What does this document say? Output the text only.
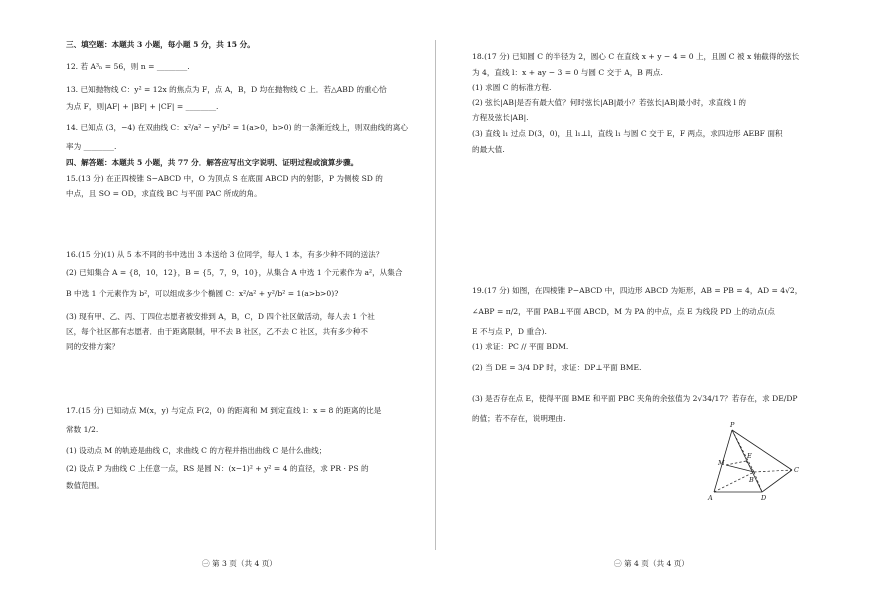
三、填空题：本题共 3 小题，每小题 5 分，共 15 分。
12. 若 A³ₙ = 56，则 n = ________.
13. 已知抛物线 C：y² = 12x 的焦点为 F，点 A，B，D 均在抛物线 C 上．若△ABD 的重心恰
为点 F，则|AF| + |BF| + |CF| = ________.
14. 已知点 (3，−4) 在双曲线 C：x²/a² − y²/b² = 1(a>0，b>0) 的一条渐近线上，则双曲线的离心
率为 ________.
四、解答题：本题共 5 小题，共 77 分．解答应写出文字说明、证明过程或演算步骤。
15.(13 分) 在正四棱锥 S−ABCD 中，O 为顶点 S 在底面 ABCD 内的射影，P 为侧棱 SD 的
中点，且 SO = OD，求直线 BC 与平面 PAC 所成的角。
16.(15 分)(1) 从 5 本不同的书中选出 3 本送给 3 位同学，每人 1 本，有多少种不同的送法？
(2) 已知集合 A = {8，10，12}，B = {5，7，9，10}，从集合 A 中选 1 个元素作为 a²，从集合
B 中选 1 个元素作为 b²，可以组成多少个椭圆 C：x²/a² + y²/b² = 1(a>b>0)?
(3) 现有甲、乙、丙、丁四位志愿者被安排到 A，B，C，D 四个社区做活动，每人去 1 个社
区，每个社区都有志愿者．由于距离限制，甲不去 B 社区，乙不去 C 社区，共有多少种不
同的安排方案？
17.(15 分) 已知动点 M(x，y) 与定点 F(2，0) 的距离和 M 到定直线 l：x = 8 的距离的比是
常数 1/2.
(1) 设动点 M 的轨迹是曲线 C，求曲线 C 的方程并指出曲线 C 是什么曲线；
(2) 设点 P 为曲线 C 上任意一点，RS 是圆 N：(x−1)² + y² = 4 的直径，求 PR · PS 的
数值范围。
㊀ 第 3 页（共 4 页）
18.(17 分) 已知圆 C 的半径为 2，圆心 C 在直线 x + y − 4 = 0 上，且圆 C 被 x 轴截得的弦长
为 4，直线 l：x + ay − 3 = 0 与圆 C 交于 A，B 两点.
(1) 求圆 C 的标准方程.
(2) 弦长|AB|是否有最大值？何时弦长|AB|最小？若弦长|AB|最小时，求直线 l 的
方程及弦长|AB|.
(3) 直线 l₁ 过点 D(3，0)，且 l₁⊥l，直线 l₁ 与圆 C 交于 E，F 两点，求四边形 AEBF 面积
的最大值.
19.(17 分) 如图，在四棱锥 P−ABCD 中，四边形 ABCD 为矩形，AB = PB = 4，AD = 4√2，
∠ABP = π/2，平面 PAB⊥平面 ABCD，M 为 PA 的中点，点 E 为线段 PD 上的动点(点
E 不与点 P，D 重合).
(1) 求证：PC // 平面 BDM.
(2) 当 DE = 3/4 DP 时，求证：DP⊥平面 BME.
(3) 是否存在点 E，使得平面 BME 和平面 PBC 夹角的余弦值为 2√34/17？若存在，求 DE/DP
的值；若不存在，说明理由.
P
E
M
B
C
A	D
㊀ 第 4 页（共 4 页）
